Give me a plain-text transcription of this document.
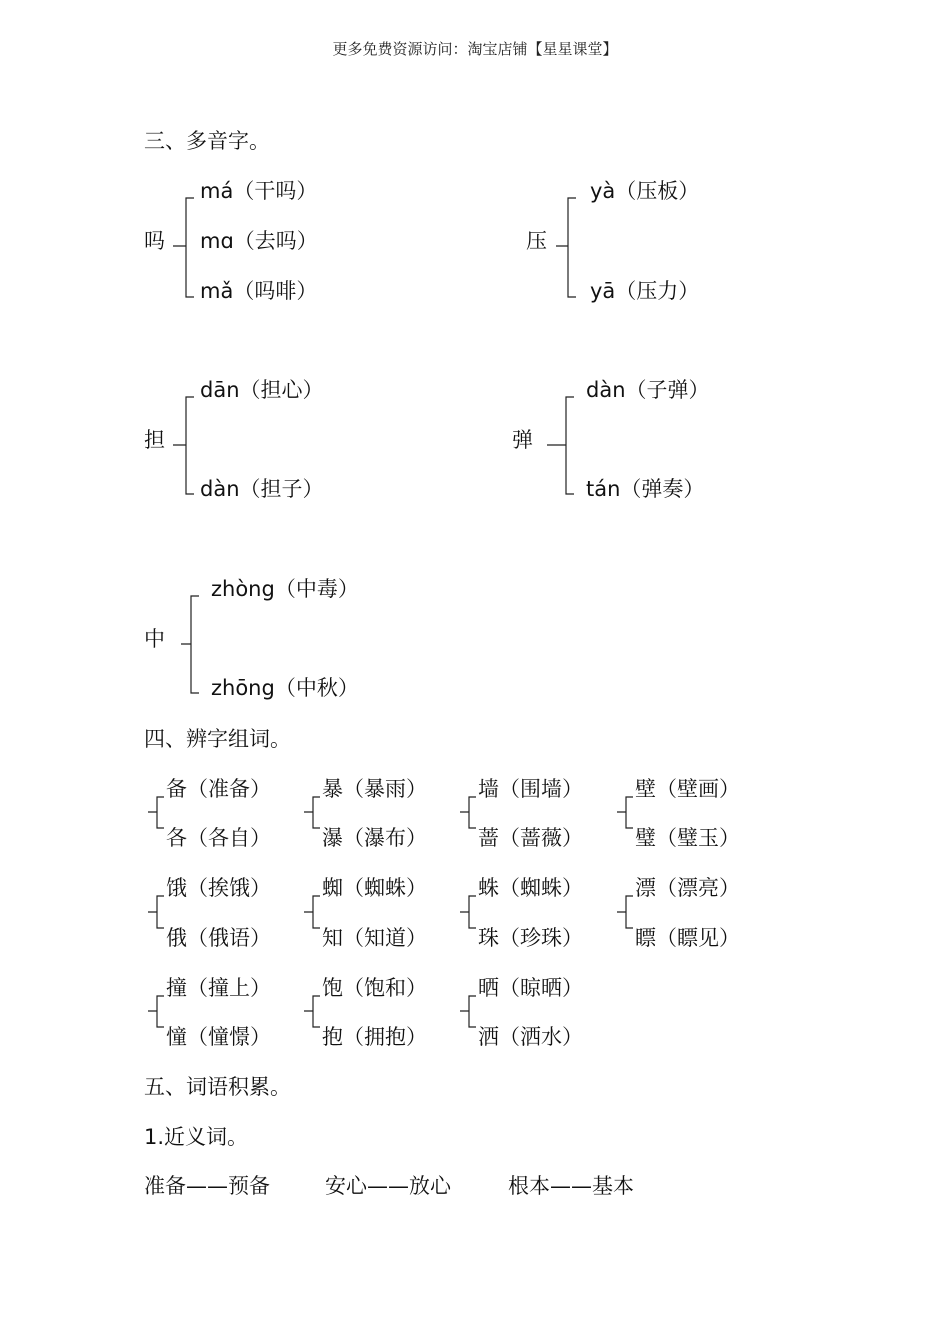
更多免费资源访问：淘宝店铺【星星课堂】
三、多音字。
吗
má（干吗）
mɑ（去吗）
mǎ（吗啡）
压
yà（压板）
yā（压力）
担
dān（担心）
dàn（担子）
弹
dàn（子弹）
tán（弹奏）
中
zhòng（中毒）
zhōng（中秋）
四、辨字组词。
备（准备）
各（各自）
暴（暴雨）
瀑（瀑布）
墙（围墙）
蔷（蔷薇）
壁（壁画）
璧（璧玉）
饿（挨饿）
俄（俄语）
蜘（蜘蛛）
知（知道）
蛛（蜘蛛）
珠（珍珠）
漂（漂亮）
瞟（瞟见）
撞（撞上）
憧（憧憬）
饱（饱和）
抱（拥抱）
晒（晾晒）
洒（洒水）
五、词语积累。
1.近义词。
准备——预备	安心——放心	根本——基本
